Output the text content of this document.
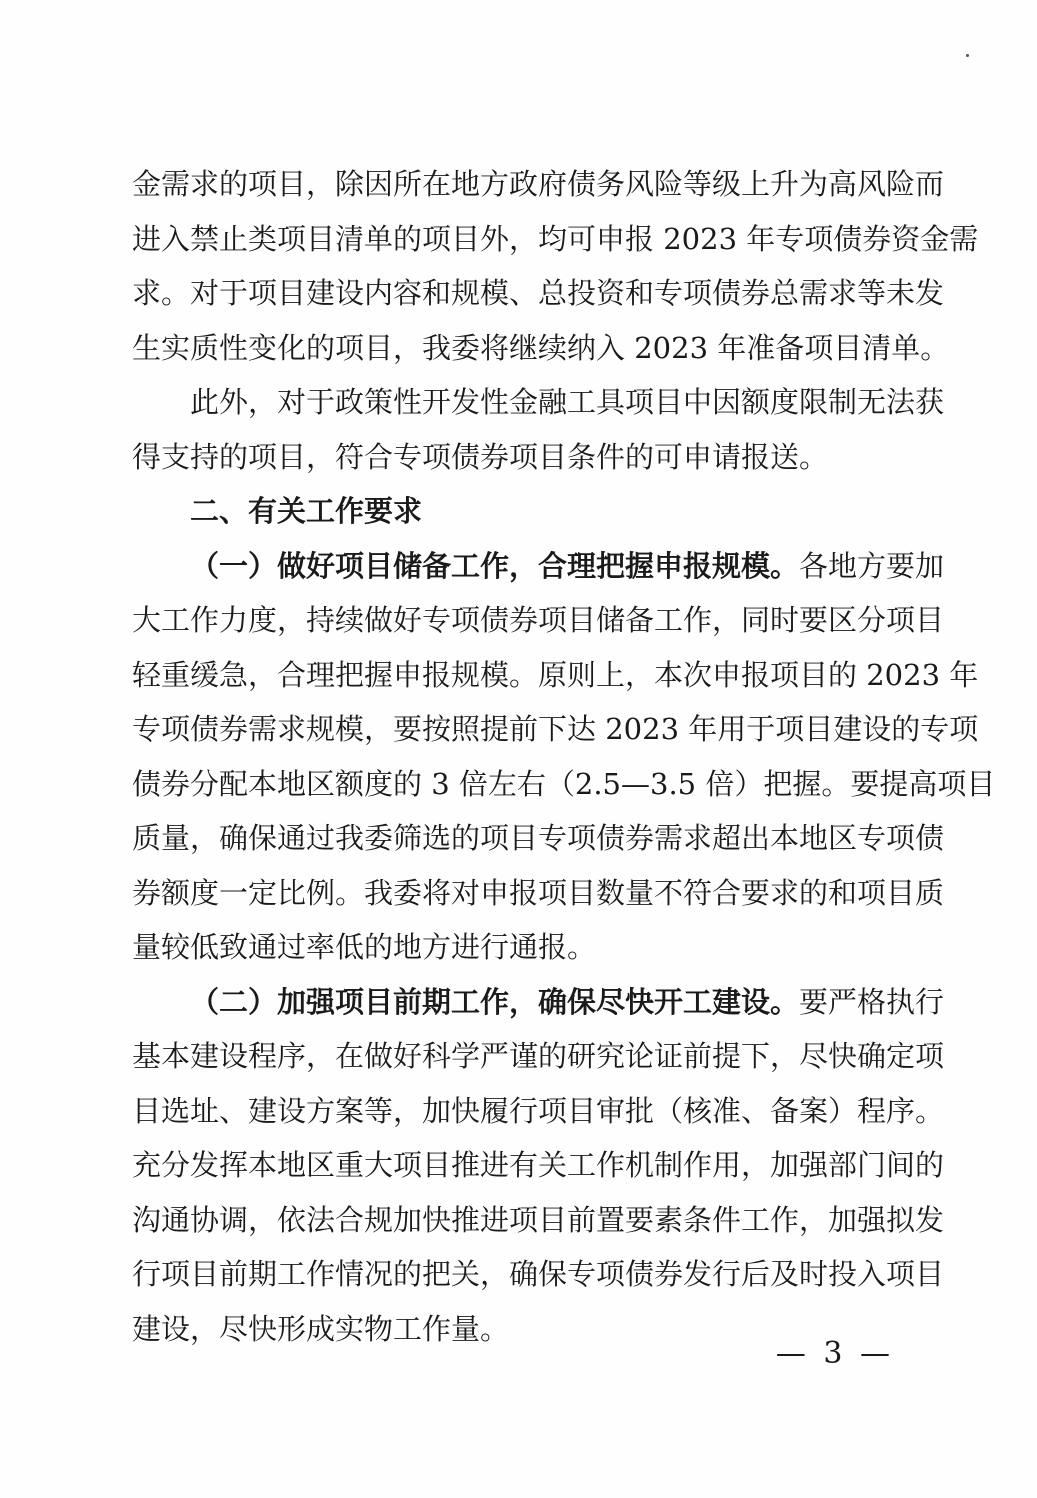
金需求的项目，除因所在地方政府债务风险等级上升为高风险而
进入禁止类项目清单的项目外，均可申报 2023 年专项债券资金需
求。对于项目建设内容和规模、总投资和专项债券总需求等未发
生实质性变化的项目，我委将继续纳入 2023 年准备项目清单。
此外，对于政策性开发性金融工具项目中因额度限制无法获
得支持的项目，符合专项债券项目条件的可申请报送。
二、有关工作要求
（一）做好项目储备工作，合理把握申报规模。各地方要加
大工作力度，持续做好专项债券项目储备工作，同时要区分项目
轻重缓急，合理把握申报规模。原则上，本次申报项目的 2023 年
专项债券需求规模，要按照提前下达 2023 年用于项目建设的专项
债券分配本地区额度的 3 倍左右（2.5—3.5 倍）把握。要提高项目
质量，确保通过我委筛选的项目专项债券需求超出本地区专项债
券额度一定比例。我委将对申报项目数量不符合要求的和项目质
量较低致通过率低的地方进行通报。
（二）加强项目前期工作，确保尽快开工建设。要严格执行
基本建设程序，在做好科学严谨的研究论证前提下，尽快确定项
目选址、建设方案等，加快履行项目审批（核准、备案）程序。
充分发挥本地区重大项目推进有关工作机制作用，加强部门间的
沟通协调，依法合规加快推进项目前置要素条件工作，加强拟发
行项目前期工作情况的把关，确保专项债券发行后及时投入项目
建设，尽快形成实物工作量。
— 3 —
